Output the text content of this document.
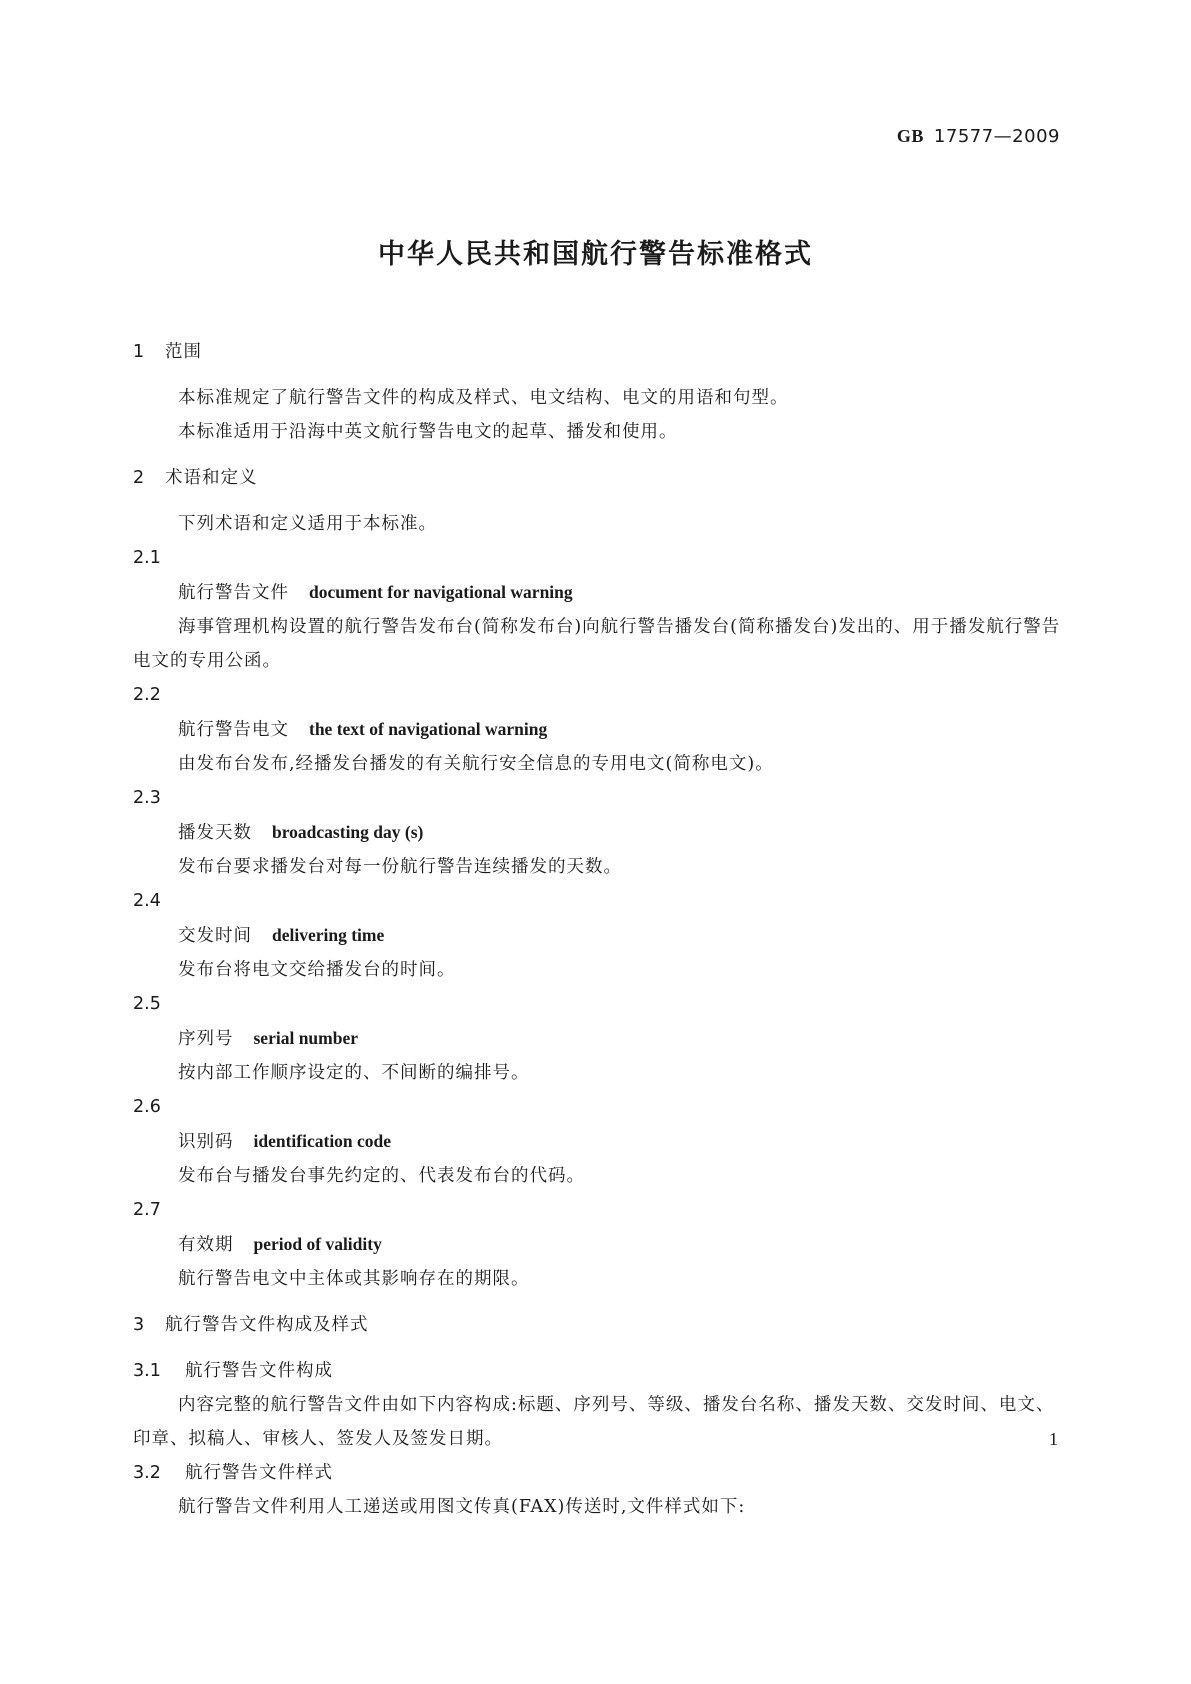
GB 17577—2009
中华人民共和国航行警告标准格式
1 范围

本标准规定了航行警告文件的构成及样式、电文结构、电文的用语和句型。

本标准适用于沿海中英文航行警告电文的起草、播发和使用。

2 术语和定义

下列术语和定义适用于本标准。

2.1

航行警告文件 document for navigational warning

海事管理机构设置的航行警告发布台(简称发布台)向航行警告播发台(简称播发台)发出的、用于播发航行警告电文的专用公函。

2.2

航行警告电文 the text of navigational warning

由发布台发布,经播发台播发的有关航行安全信息的专用电文(简称电文)。

2.3

播发天数 broadcasting day (s)

发布台要求播发台对每一份航行警告连续播发的天数。

2.4

交发时间 delivering time

发布台将电文交给播发台的时间。

2.5

序列号 serial number

按内部工作顺序设定的、不间断的编排号。

2.6

识别码 identification code

发布台与播发台事先约定的、代表发布台的代码。

2.7

有效期 period of validity

航行警告电文中主体或其影响存在的期限。

3 航行警告文件构成及样式
3.1 航行警告文件构成

内容完整的航行警告文件由如下内容构成:标题、序列号、等级、播发台名称、播发天数、交发时间、电文、印章、拟稿人、审核人、签发人及签发日期。

3.2 航行警告文件样式

航行警告文件利用人工递送或用图文传真(FAX)传送时,文件样式如下:

1
